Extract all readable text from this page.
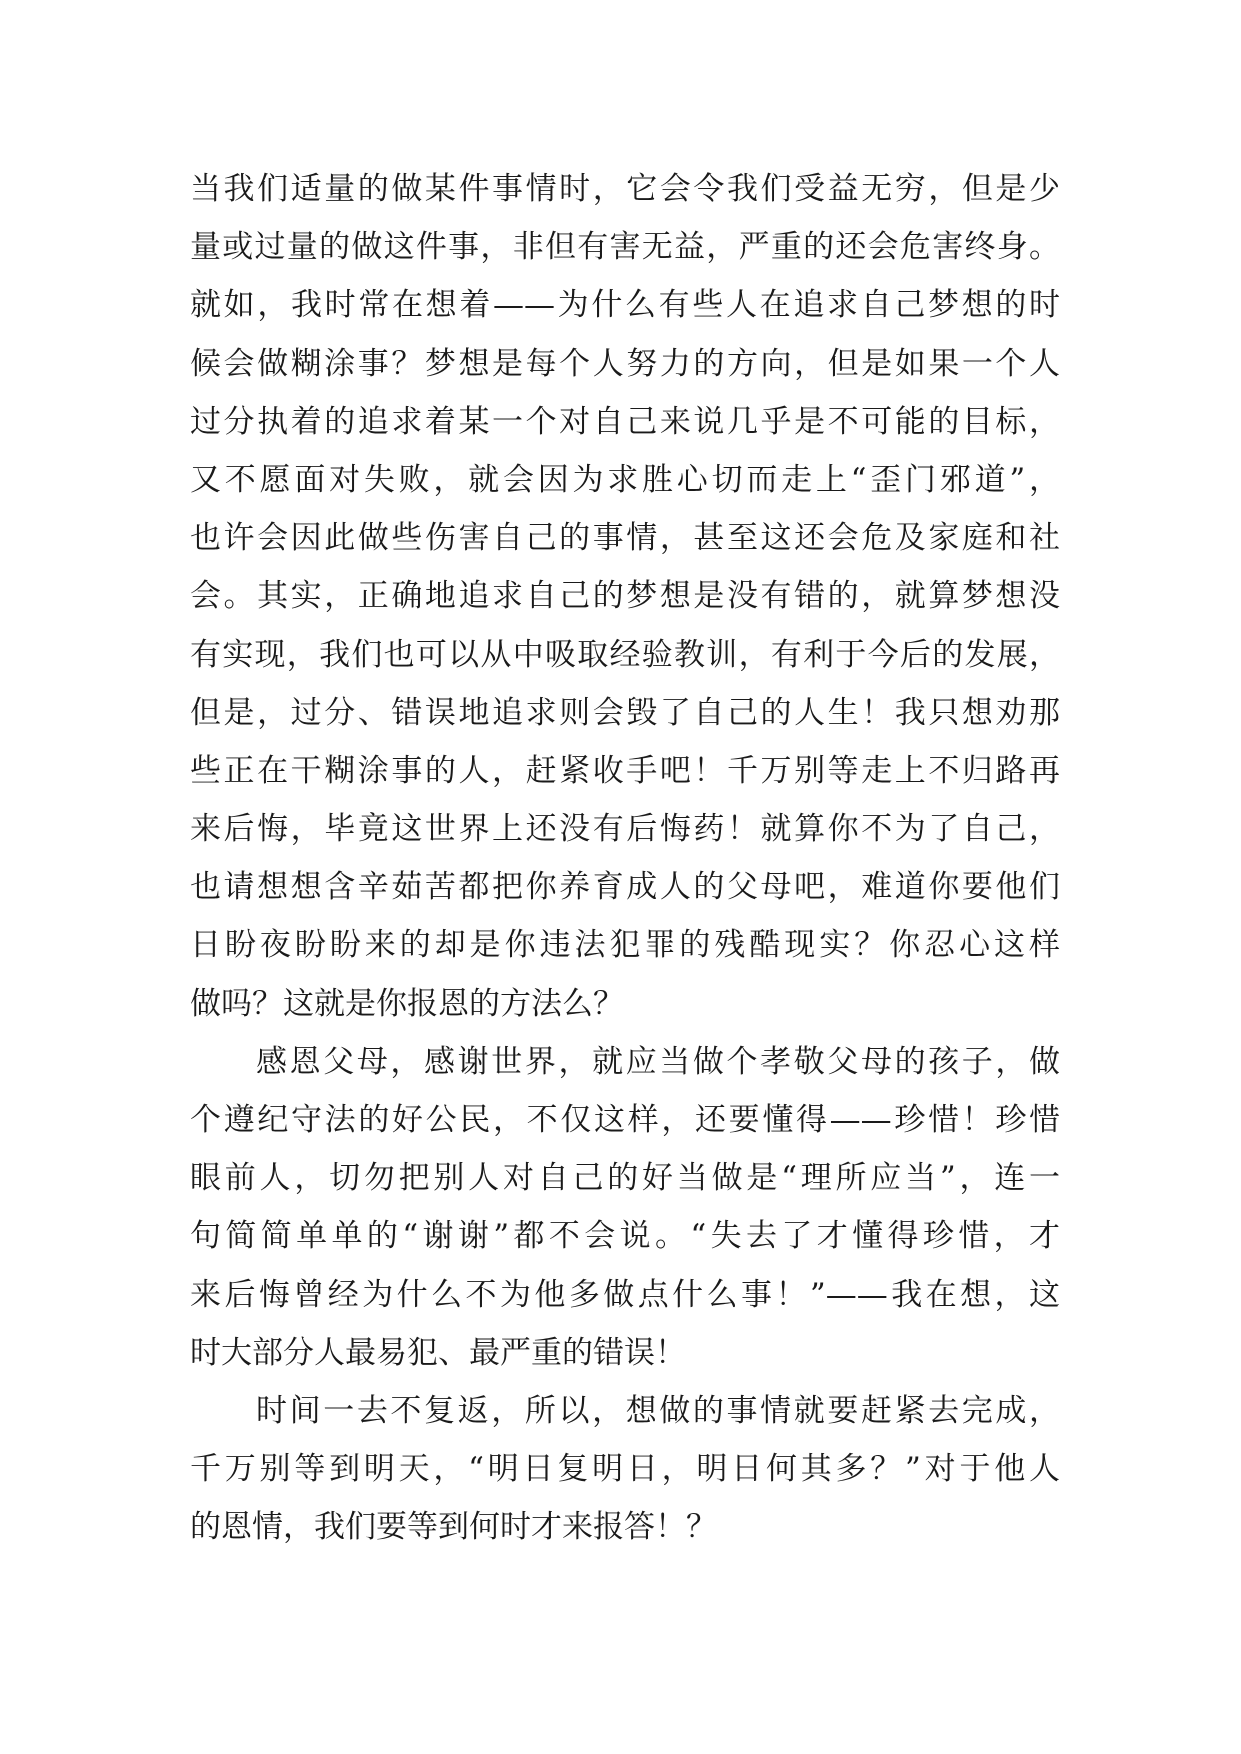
当我们适量的做某件事情时，它会令我们受益无穷，但是少
量或过量的做这件事，非但有害无益，严重的还会危害终身。
就如，我时常在想着——为什么有些人在追求自己梦想的时
候会做糊涂事？梦想是每个人努力的方向，但是如果一个人
过分执着的追求着某一个对自己来说几乎是不可能的目标，
又不愿面对失败，就会因为求胜心切而走上“歪门邪道”，
也许会因此做些伤害自己的事情，甚至这还会危及家庭和社
会。其实，正确地追求自己的梦想是没有错的，就算梦想没
有实现，我们也可以从中吸取经验教训，有利于今后的发展，
但是，过分、错误地追求则会毁了自己的人生！我只想劝那
些正在干糊涂事的人，赶紧收手吧！千万别等走上不归路再
来后悔，毕竟这世界上还没有后悔药！就算你不为了自己，
也请想想含辛茹苦都把你养育成人的父母吧，难道你要他们
日盼夜盼盼来的却是你违法犯罪的残酷现实？你忍心这样
做吗？这就是你报恩的方法么？
感恩父母，感谢世界，就应当做个孝敬父母的孩子，做
个遵纪守法的好公民，不仅这样，还要懂得——珍惜！珍惜
眼前人，切勿把别人对自己的好当做是“理所应当”，连一
句简简单单的“谢谢”都不会说。“失去了才懂得珍惜，才
来后悔曾经为什么不为他多做点什么事！”——我在想，这
时大部分人最易犯、最严重的错误！
时间一去不复返，所以，想做的事情就要赶紧去完成，
千万别等到明天，“明日复明日，明日何其多？”对于他人
的恩情，我们要等到何时才来报答！？
